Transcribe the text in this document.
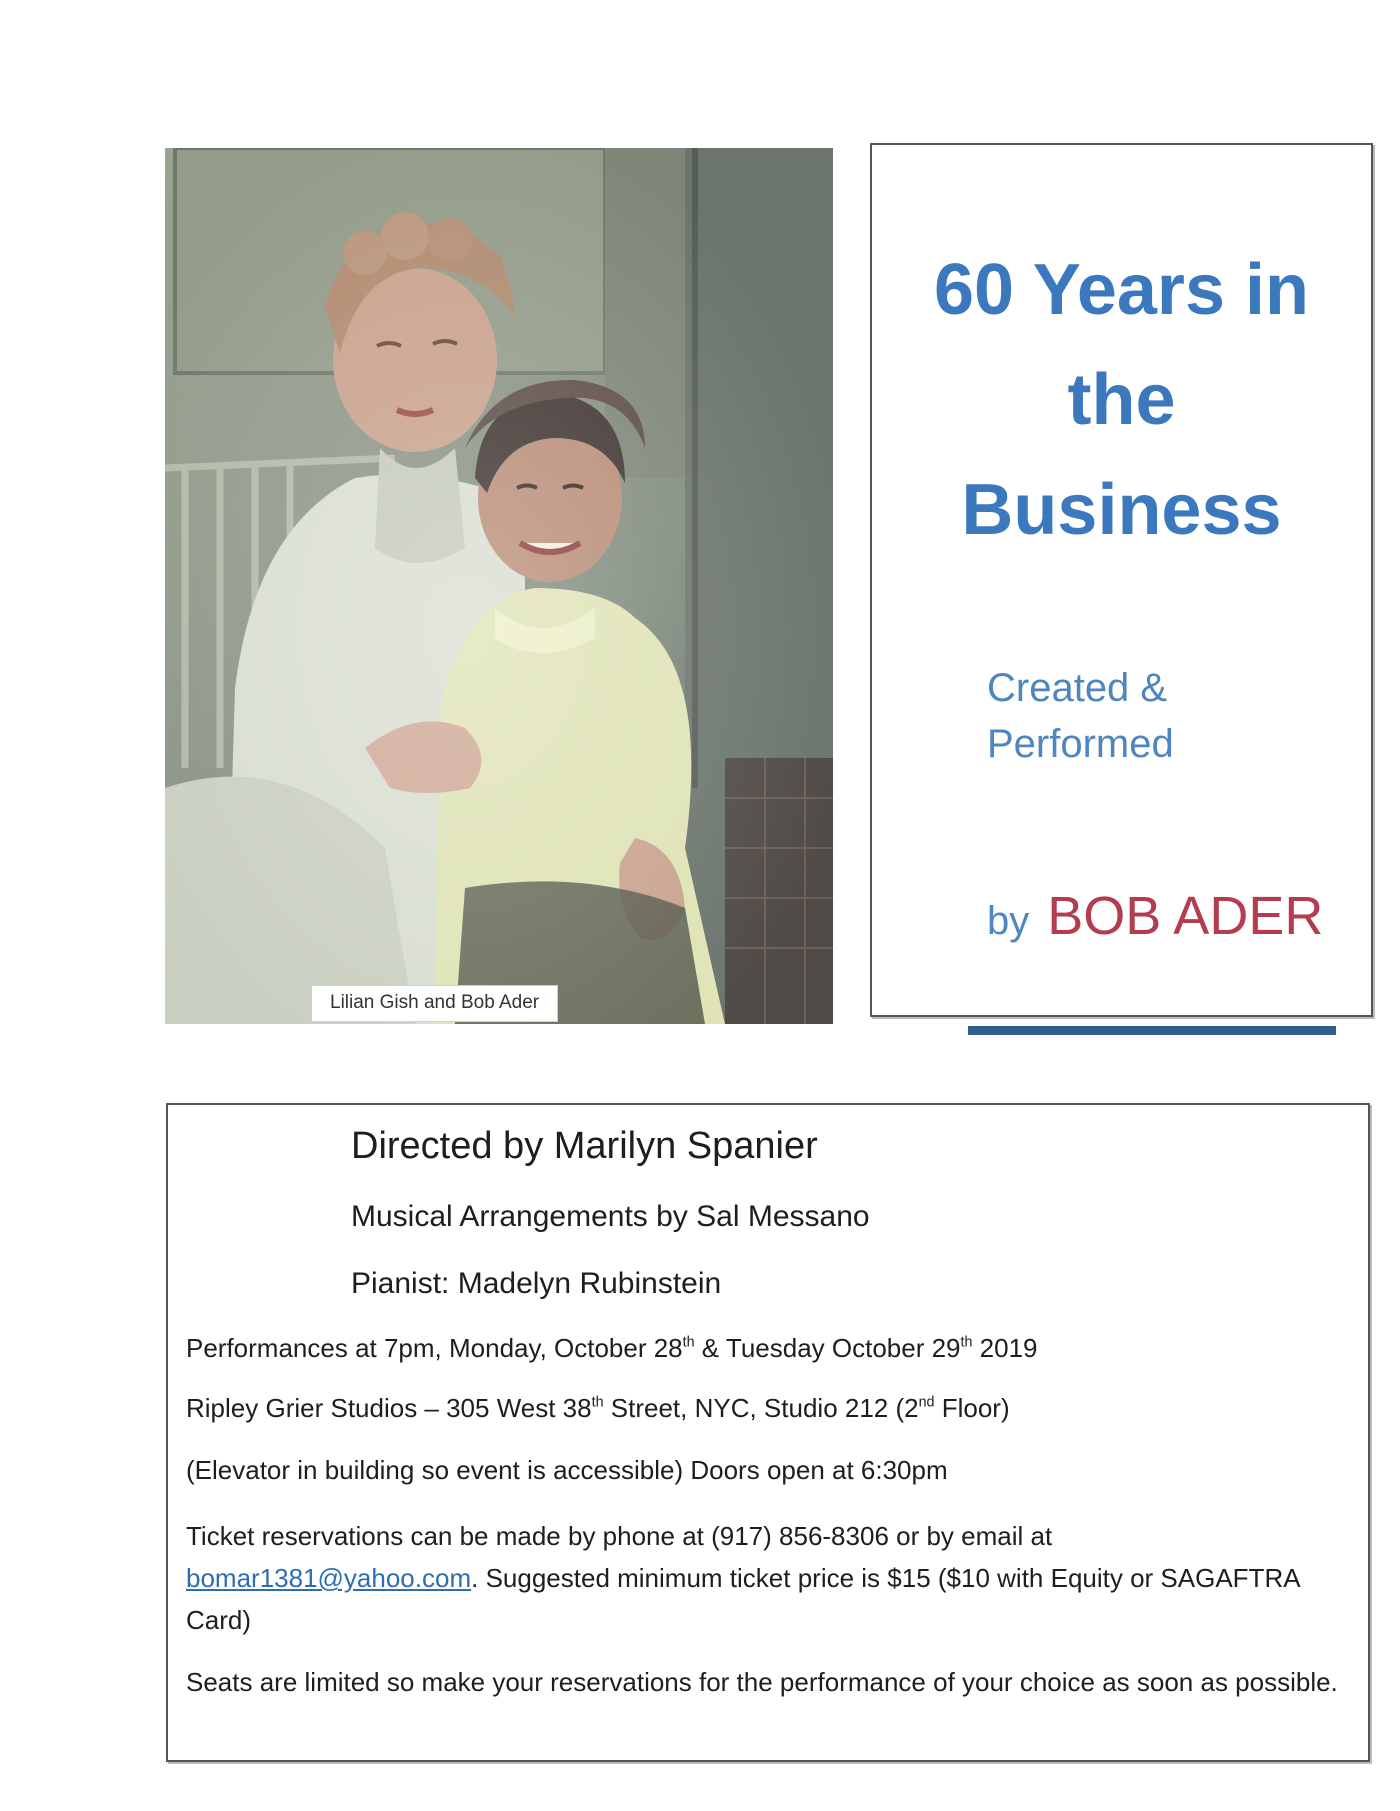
Lilian Gish and Bob Ader
60 Years in
the
Business
Created &
Performed
by BOB ADER
Directed by Marilyn Spanier
Musical Arrangements by Sal Messano
Pianist: Madelyn Rubinstein
Performances at 7pm, Monday, October 28th & Tuesday October 29th 2019
Ripley Grier Studios – 305 West 38th Street, NYC, Studio 212 (2nd Floor)
(Elevator in building so event is accessible) Doors open at 6:30pm
Ticket reservations can be made by phone at (917) 856-8306 or by email at bomar1381@yahoo.com. Suggested minimum ticket price is $15 ($10 with Equity or SAGAFTRA Card)
Seats are limited so make your reservations for the performance of your choice as soon as possible.
